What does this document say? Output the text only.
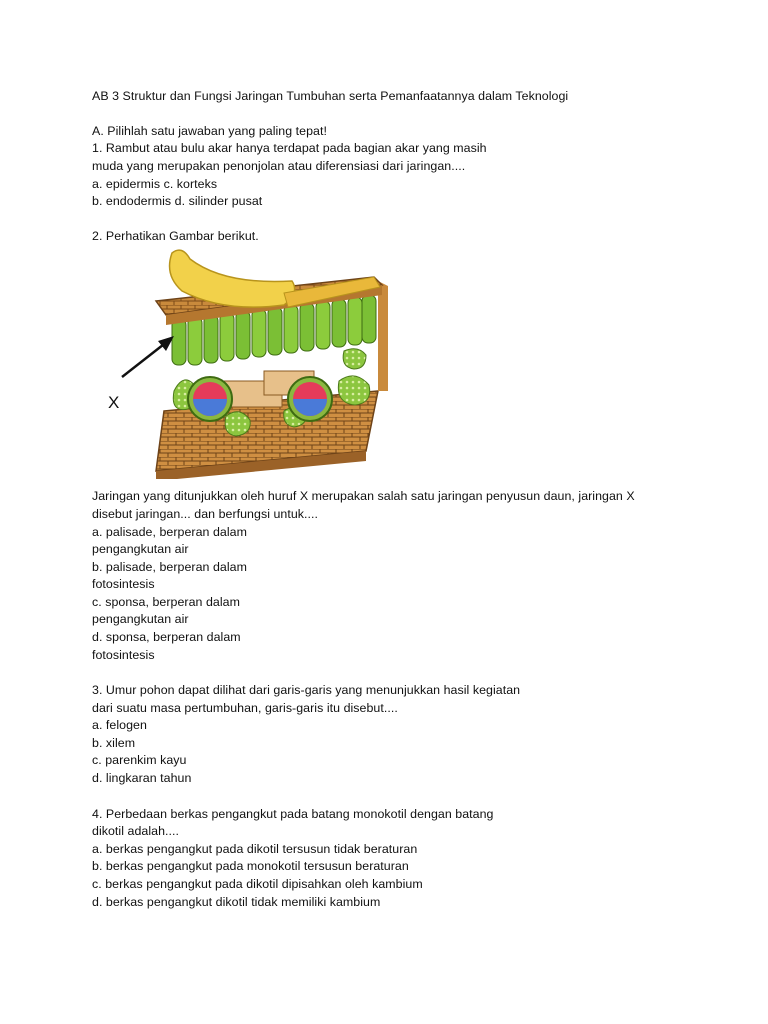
AB 3 Struktur dan Fungsi Jaringan Tumbuhan serta Pemanfaatannya dalam Teknologi
A. Pilihlah satu jawaban yang paling tepat!
1. Rambut atau bulu akar hanya terdapat pada bagian akar yang masih
muda yang merupakan penonjolan atau diferensiasi dari jaringan....
a. epidermis c. korteks
b. endodermis d. silinder pusat
2. Perhatikan Gambar berikut.
X
Jaringan yang ditunjukkan oleh huruf X merupakan salah satu jaringan penyusun daun, jaringan X
disebut jaringan... dan berfungsi untuk....
a. palisade, berperan dalam
pengangkutan air
b. palisade, berperan dalam
fotosintesis
c. sponsa, berperan dalam
pengangkutan air
d. sponsa, berperan dalam
fotosintesis
3. Umur pohon dapat dilihat dari garis-garis yang menunjukkan hasil kegiatan
dari suatu masa pertumbuhan, garis-garis itu disebut....
a. felogen
b. xilem
c. parenkim kayu
d. lingkaran tahun
4. Perbedaan berkas pengangkut pada batang monokotil dengan batang
dikotil adalah....
a. berkas pengangkut pada dikotil tersusun tidak beraturan
b. berkas pengangkut pada monokotil tersusun beraturan
c. berkas pengangkut pada dikotil dipisahkan oleh kambium
d. berkas pengangkut dikotil tidak memiliki kambium
